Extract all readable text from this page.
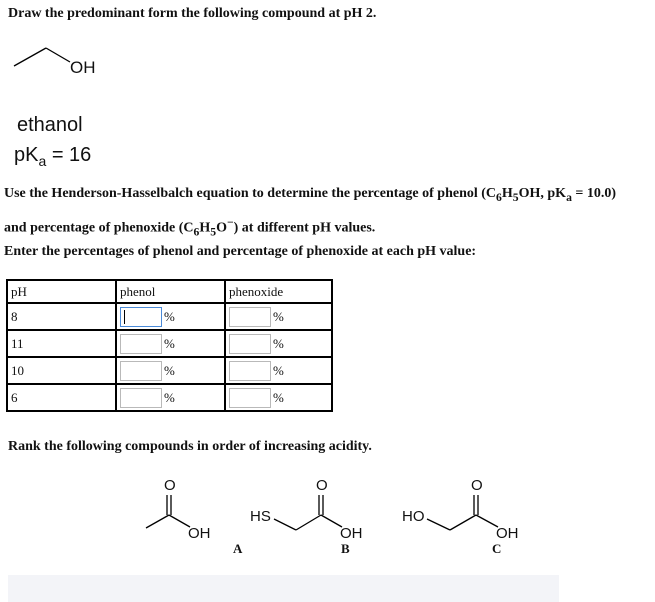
Draw the predominant form the following compound at pH 2.
OH
ethanol
$pK_a = 16$
Use the Henderson-Hasselbalch equation to determine the percentage of phenol ($C_6H_5OH$, $pK_a = 10.0$)
and percentage of phenoxide $(C_6H_5O^-)$ at different pH values.
Enter the percentages of phenol and percentage of phenoxide at each pH value:
pH	phenol	phenoxide
8	%	%
11	%	%
10	%	%
6	%	%
Rank the following compounds in order of increasing acidity.
O
OH
A
HS
O
OH
B
HO
O
OH
C
